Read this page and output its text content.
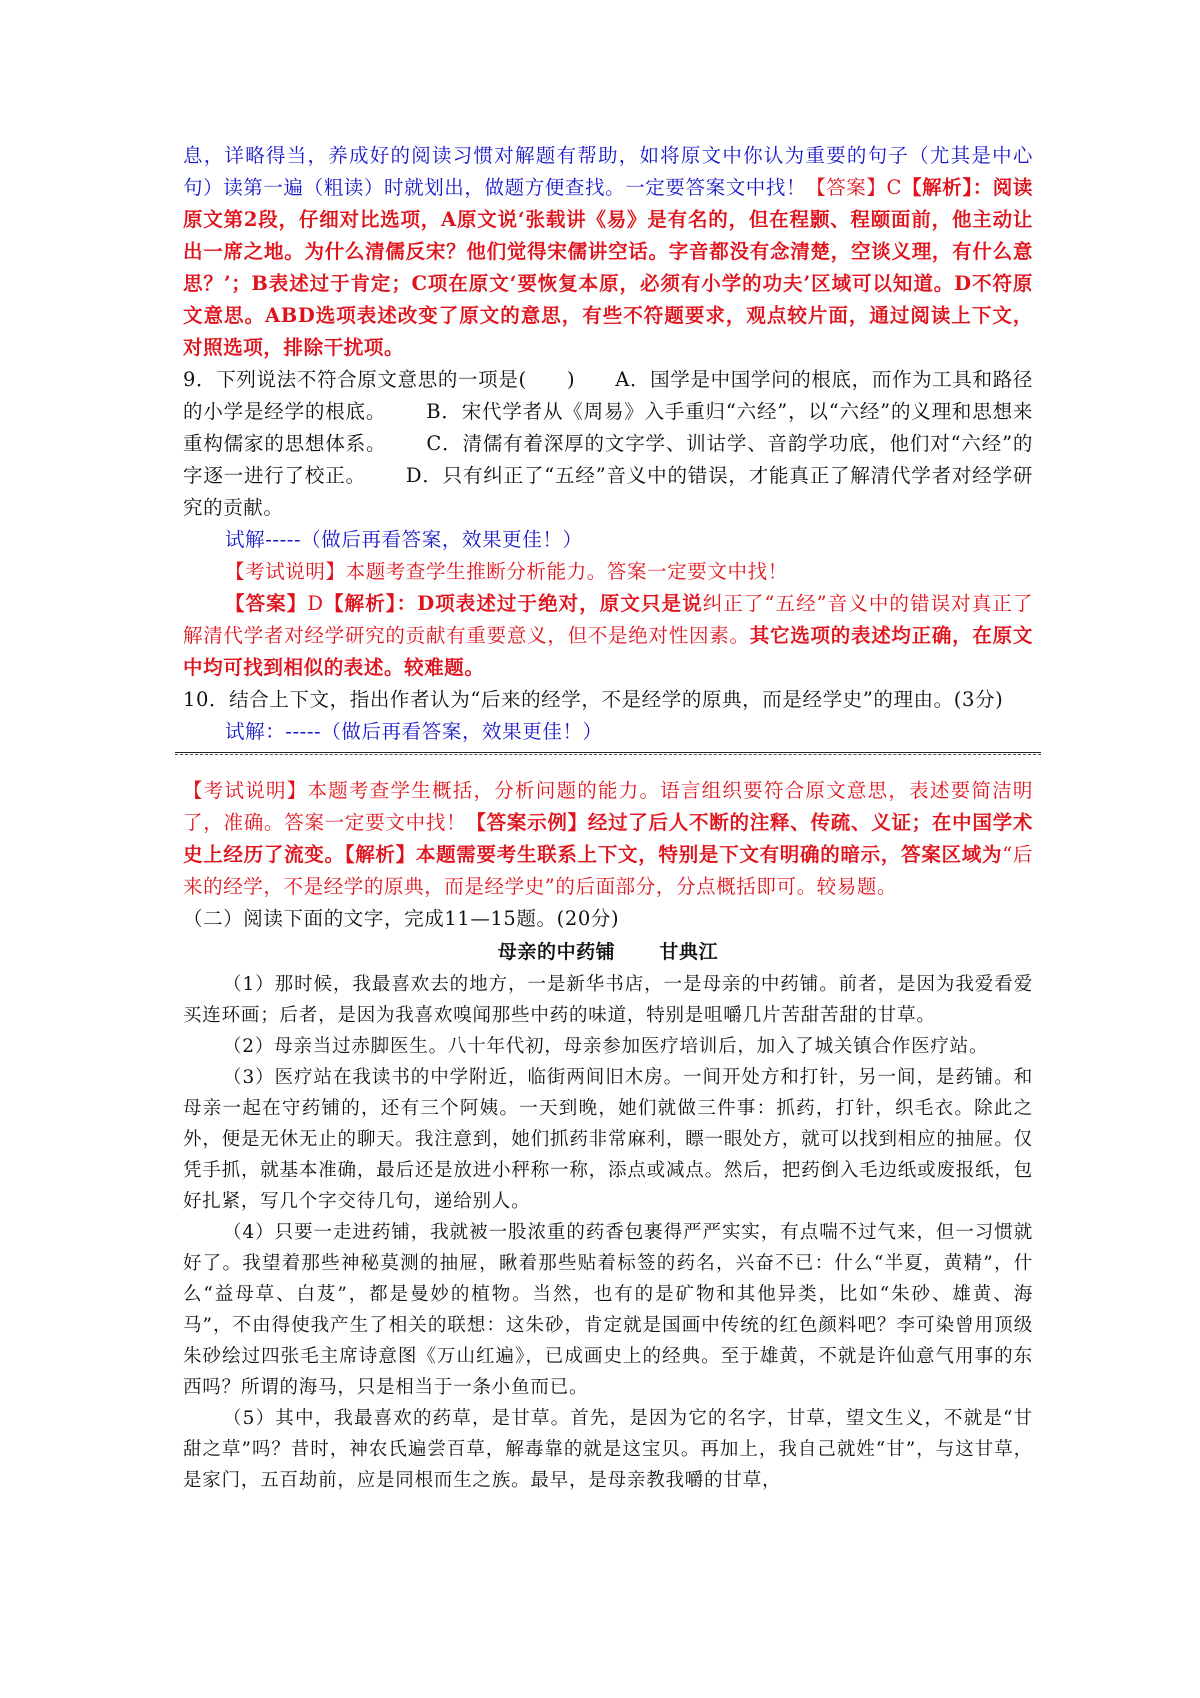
息，详略得当，养成好的阅读习惯对解题有帮助，如将原文中你认为重要的句子（尤其是中心句）读第一遍（粗读）时就划出，做题方便查找。一定要答案文中找！【答案】C【解析】：阅读原文第2段，仔细对比选项，A原文说‘张载讲《易》是有名的，但在程颢、程颐面前，他主动让出一席之地。为什么清儒反宋？他们觉得宋儒讲空话。字音都没有念清楚，空谈义理，有什么意思？’；B表述过于肯定；C项在原文‘要恢复本原，必须有小学的功夫’区域可以知道。D不符原文意思。ABD选项表述改变了原文的意思，有些不符题要求，观点较片面，通过阅读上下文，对照选项，排除干扰项。

9．下列说法不符合原文意思的一项是(　　) A．国学是中国学问的根底，而作为工具和路径的小学是经学的根底。 B．宋代学者从《周易》入手重归“六经”，以“六经”的义理和思想来重构儒家的思想体系。 C．清儒有着深厚的文字学、训诂学、音韵学功底，他们对“六经”的字逐一进行了校正。 D．只有纠正了“五经”音义中的错误，才能真正了解清代学者对经学研究的贡献。

试解-----（做后再看答案，效果更佳！）

【考试说明】本题考查学生推断分析能力。答案一定要文中找！

【答案】D【解析】：D项表述过于绝对，原文只是说纠正了“五经”音义中的错误对真正了解清代学者对经学研究的贡献有重要意义，但不是绝对性因素。其它选项的表述均正确，在原文中均可找到相似的表述。较难题。

10．结合上下文，指出作者认为“后来的经学，不是经学的原典，而是经学史”的理由。(3分)

试解：-----（做后再看答案，效果更佳！）

【考试说明】本题考查学生概括，分析问题的能力。语言组织要符合原文意思，表述要简洁明了，准确。答案一定要文中找！【答案示例】经过了后人不断的注释、传疏、义证；在中国学术史上经历了流变。【解析】本题需要考生联系上下文，特别是下文有明确的暗示，答案区域为“后来的经学，不是经学的原典，而是经学史”的后面部分，分点概括即可。较易题。

（二）阅读下面的文字，完成11—15题。(20分)

母亲的中药铺 甘典江

（1）那时候，我最喜欢去的地方，一是新华书店，一是母亲的中药铺。前者，是因为我爱看爱买连环画；后者，是因为我喜欢嗅闻那些中药的味道，特别是咀嚼几片苦甜苦甜的甘草。

（2）母亲当过赤脚医生。八十年代初，母亲参加医疗培训后，加入了城关镇合作医疗站。

（3）医疗站在我读书的中学附近，临街两间旧木房。一间开处方和打针，另一间，是药铺。和母亲一起在守药铺的，还有三个阿姨。一天到晚，她们就做三件事：抓药，打针，织毛衣。除此之外，便是无休无止的聊天。我注意到，她们抓药非常麻利，瞟一眼处方，就可以找到相应的抽屉。仅凭手抓，就基本准确，最后还是放进小秤称一称，添点或减点。然后，把药倒入毛边纸或废报纸，包好扎紧，写几个字交待几句，递给别人。

（4）只要一走进药铺，我就被一股浓重的药香包裹得严严实实，有点喘不过气来，但一习惯就好了。我望着那些神秘莫测的抽屉，瞅着那些贴着标签的药名，兴奋不已：什么“半夏，黄精”，什么“益母草、白芨”，都是曼妙的植物。当然，也有的是矿物和其他异类，比如“朱砂、雄黄、海马”，不由得使我产生了相关的联想：这朱砂，肯定就是国画中传统的红色颜料吧？李可染曾用顶级朱砂绘过四张毛主席诗意图《万山红遍》，已成画史上的经典。至于雄黄，不就是许仙意气用事的东西吗？所谓的海马，只是相当于一条小鱼而已。

（5）其中，我最喜欢的药草，是甘草。首先，是因为它的名字，甘草，望文生义，不就是“甘甜之草”吗？昔时，神农氏遍尝百草，解毒靠的就是这宝贝。再加上，我自己就姓“甘”，与这甘草，是家门，五百劫前，应是同根而生之族。最早，是母亲教我嚼的甘草，
